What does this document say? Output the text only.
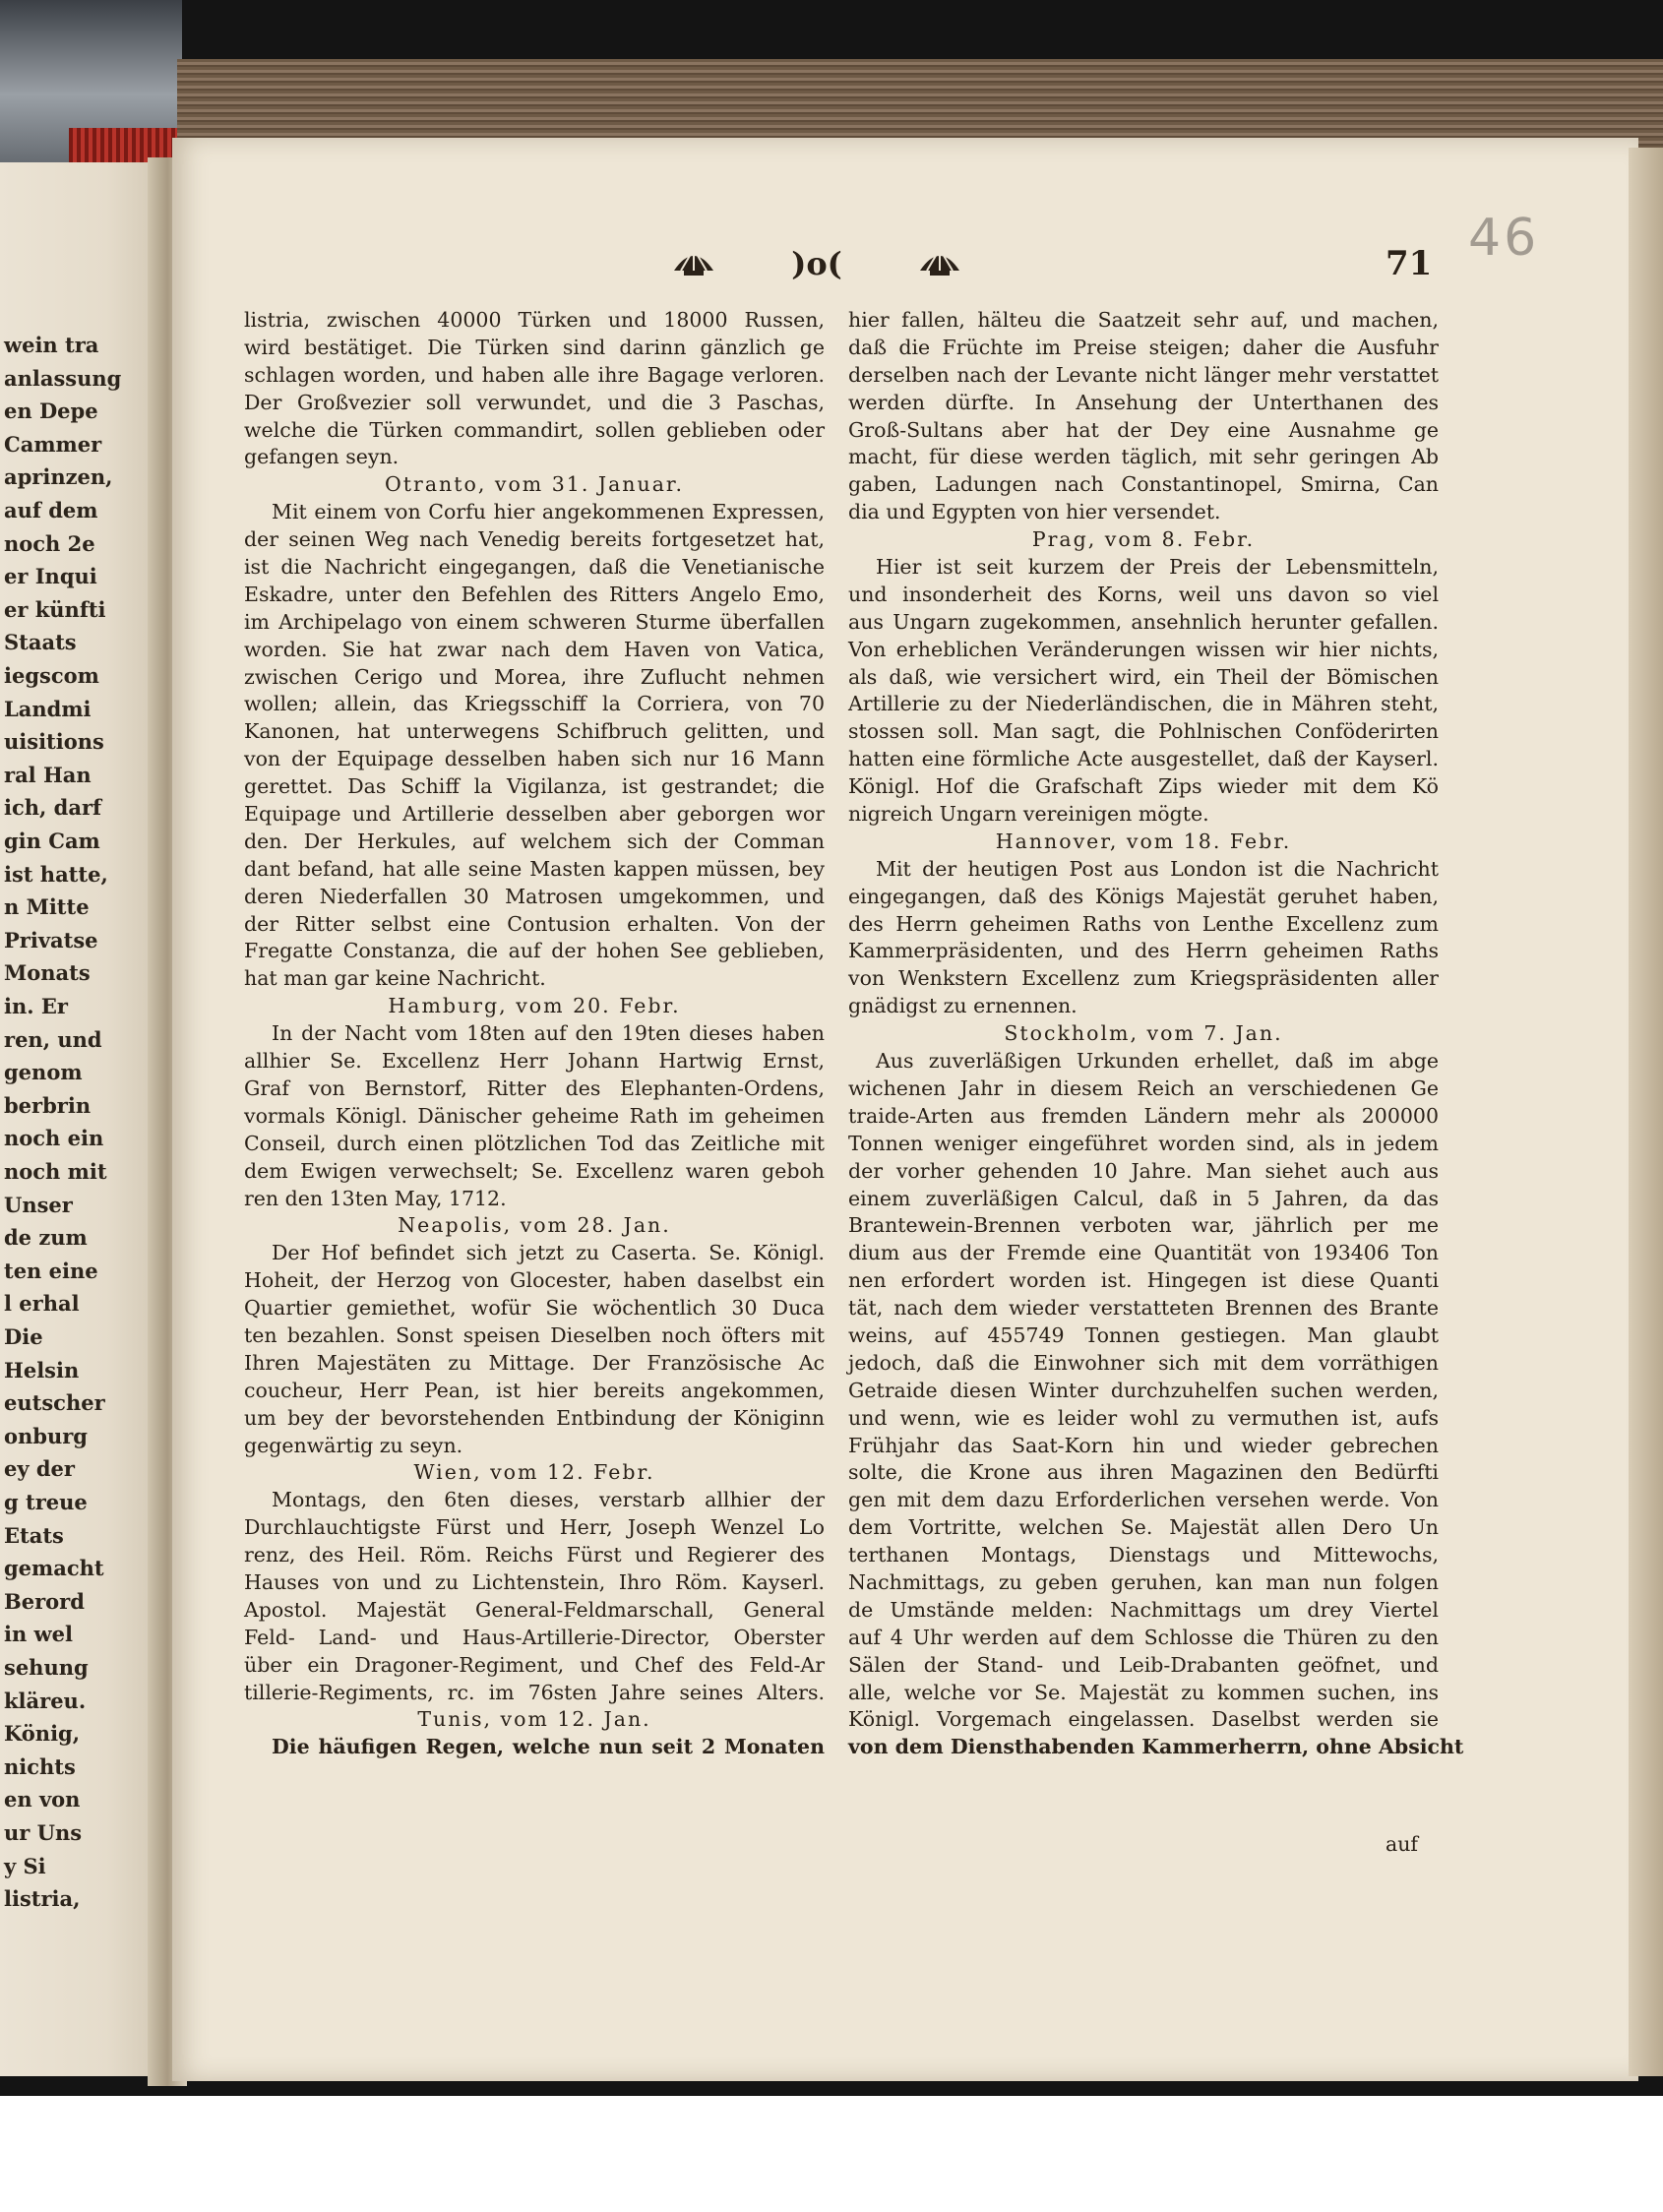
)o(	71 46
wein tra
anlassung
en Depe
Cammer
aprinzen,
auf dem
noch 2e
er Inqui
er künfti
Staats
iegscom
Landmi
uisitions
ral Han
ich, darf
gin Cam
ist hatte,
n Mitte
Privatse
Monats
in. Er
ren, und
genom
berbrin
noch ein
noch mit
Unser
de zum
ten eine
l erhal
Die
Helsin
eutscher
onburg
ey der
g treue
Etats
gemacht
Berord
in wel
sehung
kläreu.
König,
nichts
en von
ur Uns
y Si
listria,
listria, zwischen 40000 Türken und 18000 Russen,
wird bestätiget. Die Türken sind darinn gänzlich ge
schlagen worden, und haben alle ihre Bagage verloren.
Der Großvezier soll verwundet, und die 3 Paschas,
welche die Türken commandirt, sollen geblieben oder
gefangen seyn.
Otranto, vom 31. Januar.
Mit einem von Corfu hier angekommenen Expressen,
der seinen Weg nach Venedig bereits fortgesetzet hat,
ist die Nachricht eingegangen, daß die Venetianische
Eskadre, unter den Befehlen des Ritters Angelo Emo,
im Archipelago von einem schweren Sturme überfallen
worden. Sie hat zwar nach dem Haven von Vatica,
zwischen Cerigo und Morea, ihre Zuflucht nehmen
wollen; allein, das Kriegsschiff la Corriera, von 70
Kanonen, hat unterwegens Schifbruch gelitten, und
von der Equipage desselben haben sich nur 16 Mann
gerettet. Das Schiff la Vigilanza, ist gestrandet; die
Equipage und Artillerie desselben aber geborgen wor
den. Der Herkules, auf welchem sich der Comman
dant befand, hat alle seine Masten kappen müssen, bey
deren Niederfallen 30 Matrosen umgekommen, und
der Ritter selbst eine Contusion erhalten. Von der
Fregatte Constanza, die auf der hohen See geblieben,
hat man gar keine Nachricht.
Hamburg, vom 20. Febr.
In der Nacht vom 18ten auf den 19ten dieses haben
allhier Se. Excellenz Herr Johann Hartwig Ernst,
Graf von Bernstorf, Ritter des Elephanten-Ordens,
vormals Königl. Dänischer geheime Rath im geheimen
Conseil, durch einen plötzlichen Tod das Zeitliche mit
dem Ewigen verwechselt; Se. Excellenz waren geboh
ren den 13ten May, 1712.
Neapolis, vom 28. Jan.
Der Hof befindet sich jetzt zu Caserta. Se. Königl.
Hoheit, der Herzog von Glocester, haben daselbst ein
Quartier gemiethet, wofür Sie wöchentlich 30 Duca
ten bezahlen. Sonst speisen Dieselben noch öfters mit
Ihren Majestäten zu Mittage. Der Französische Ac
coucheur, Herr Pean, ist hier bereits angekommen,
um bey der bevorstehenden Entbindung der Königinn
gegenwärtig zu seyn.
Wien, vom 12. Febr.
Montags, den 6ten dieses, verstarb allhier der
Durchlauchtigste Fürst und Herr, Joseph Wenzel Lo
renz, des Heil. Röm. Reichs Fürst und Regierer des
Hauses von und zu Lichtenstein, Ihro Röm. Kayserl.
Apostol. Majestät General-Feldmarschall, General
Feld- Land- und Haus-Artillerie-Director, Oberster
über ein Dragoner-Regiment, und Chef des Feld-Ar
tillerie-Regiments, rc. im 76sten Jahre seines Alters.
Tunis, vom 12. Jan.
Die häufigen Regen, welche nun seit 2 Monaten
hier fallen, hälteu die Saatzeit sehr auf, und machen,
daß die Früchte im Preise steigen; daher die Ausfuhr
derselben nach der Levante nicht länger mehr verstattet
werden dürfte. In Ansehung der Unterthanen des
Groß-Sultans aber hat der Dey eine Ausnahme ge
macht, für diese werden täglich, mit sehr geringen Ab
gaben, Ladungen nach Constantinopel, Smirna, Can
dia und Egypten von hier versendet.
Prag, vom 8. Febr.
Hier ist seit kurzem der Preis der Lebensmitteln,
und insonderheit des Korns, weil uns davon so viel
aus Ungarn zugekommen, ansehnlich herunter gefallen.
Von erheblichen Veränderungen wissen wir hier nichts,
als daß, wie versichert wird, ein Theil der Bömischen
Artillerie zu der Niederländischen, die in Mähren steht,
stossen soll. Man sagt, die Pohlnischen Conföderirten
hatten eine förmliche Acte ausgestellet, daß der Kayserl.
Königl. Hof die Grafschaft Zips wieder mit dem Kö
nigreich Ungarn vereinigen mögte.
Hannover, vom 18. Febr.
Mit der heutigen Post aus London ist die Nachricht
eingegangen, daß des Königs Majestät geruhet haben,
des Herrn geheimen Raths von Lenthe Excellenz zum
Kammerpräsidenten, und des Herrn geheimen Raths
von Wenkstern Excellenz zum Kriegspräsidenten aller
gnädigst zu ernennen.
Stockholm, vom 7. Jan.
Aus zuverläßigen Urkunden erhellet, daß im abge
wichenen Jahr in diesem Reich an verschiedenen Ge
traide-Arten aus fremden Ländern mehr als 200000
Tonnen weniger eingeführet worden sind, als in jedem
der vorher gehenden 10 Jahre. Man siehet auch aus
einem zuverläßigen Calcul, daß in 5 Jahren, da das
Brantewein-Brennen verboten war, jährlich per me
dium aus der Fremde eine Quantität von 193406 Ton
nen erfordert worden ist. Hingegen ist diese Quanti
tät, nach dem wieder verstatteten Brennen des Brante
weins, auf 455749 Tonnen gestiegen. Man glaubt
jedoch, daß die Einwohner sich mit dem vorräthigen
Getraide diesen Winter durchzuhelfen suchen werden,
und wenn, wie es leider wohl zu vermuthen ist, aufs
Frühjahr das Saat-Korn hin und wieder gebrechen
solte, die Krone aus ihren Magazinen den Bedürfti
gen mit dem dazu Erforderlichen versehen werde. Von
dem Vortritte, welchen Se. Majestät allen Dero Un
terthanen Montags, Dienstags und Mittewochs,
Nachmittags, zu geben geruhen, kan man nun folgen
de Umstände melden: Nachmittags um drey Viertel
auf 4 Uhr werden auf dem Schlosse die Thüren zu den
Sälen der Stand- und Leib-Drabanten geöfnet, und
alle, welche vor Se. Majestät zu kommen suchen, ins
Königl. Vorgemach eingelassen. Daselbst werden sie
von dem Diensthabenden Kammerherrn, ohne Absicht
auf
